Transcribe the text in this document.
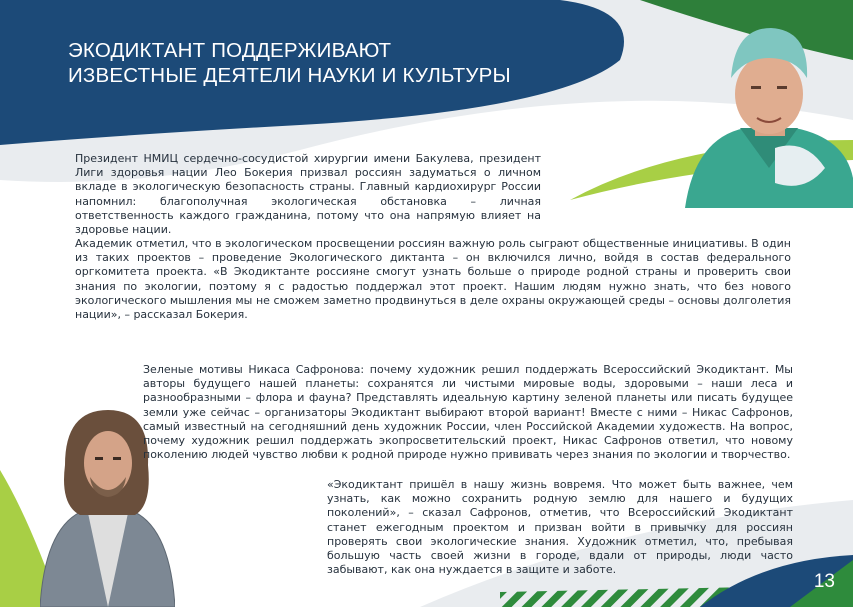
ЭКОДИКТАНТ ПОДДЕРЖИВАЮТ
ИЗВЕСТНЫЕ ДЕЯТЕЛИ НАУКИ И КУЛЬТУРЫ

Президент НМИЦ сердечно-сосудистой хирургии имени Бакулева, президент Лиги здоровья нации Лео Бокерия призвал россиян задуматься о личном вкладе в экологическую безопасность страны. Главный кардиохирург России напомнил: благополучная экологическая обстановка – личная ответственность каждого гражданина, потому что она напрямую влияет на здоровье нации.

Академик отметил, что в экологическом просвещении россиян важную роль сыграют общественные инициативы. В один из таких проектов – проведение Экологического диктанта – он включился лично, войдя в состав федерального оргкомитета проекта. «В Экодиктанте россияне смогут узнать больше о природе родной страны и проверить свои знания по экологии, поэтому я с радостью поддержал этот проект. Нашим людям нужно знать, что без нового экологического мышления мы не сможем заметно продвинуться в деле охраны окружающей среды – основы долголетия нации», – рассказал Бокерия.

Зеленые мотивы Никаса Сафронова: почему художник решил поддержать Всероссийский Экодиктант. Мы авторы будущего нашей планеты: сохранятся ли чистыми мировые воды, здоровыми – наши леса и разнообразными – флора и фауна? Представлять идеальную картину зеленой планеты или писать будущее земли уже сейчас – организаторы Экодиктант выбирают второй вариант! Вместе с ними – Никас Сафронов, самый известный на сегодняшний день художник России, член Российской Академии художеств. На вопрос, почему художник решил поддержать экопросветительский проект, Никас Сафронов ответил, что новому поколению людей чувство любви к родной природе нужно прививать через знания по экологии и творчество.

«Экодиктант пришёл в нашу жизнь вовремя. Что может быть важнее, чем узнать, как можно сохранить родную землю для нашего и будущих поколений», – сказал Сафронов, отметив, что Всероссийский Экодиктант станет ежегодным проектом и призван войти в привычку для россиян проверять свои экологические знания. Художник отметил, что, пребывая большую часть своей жизни в городе, вдали от природы, люди часто забывают, как она нуждается в защите и заботе.

13
